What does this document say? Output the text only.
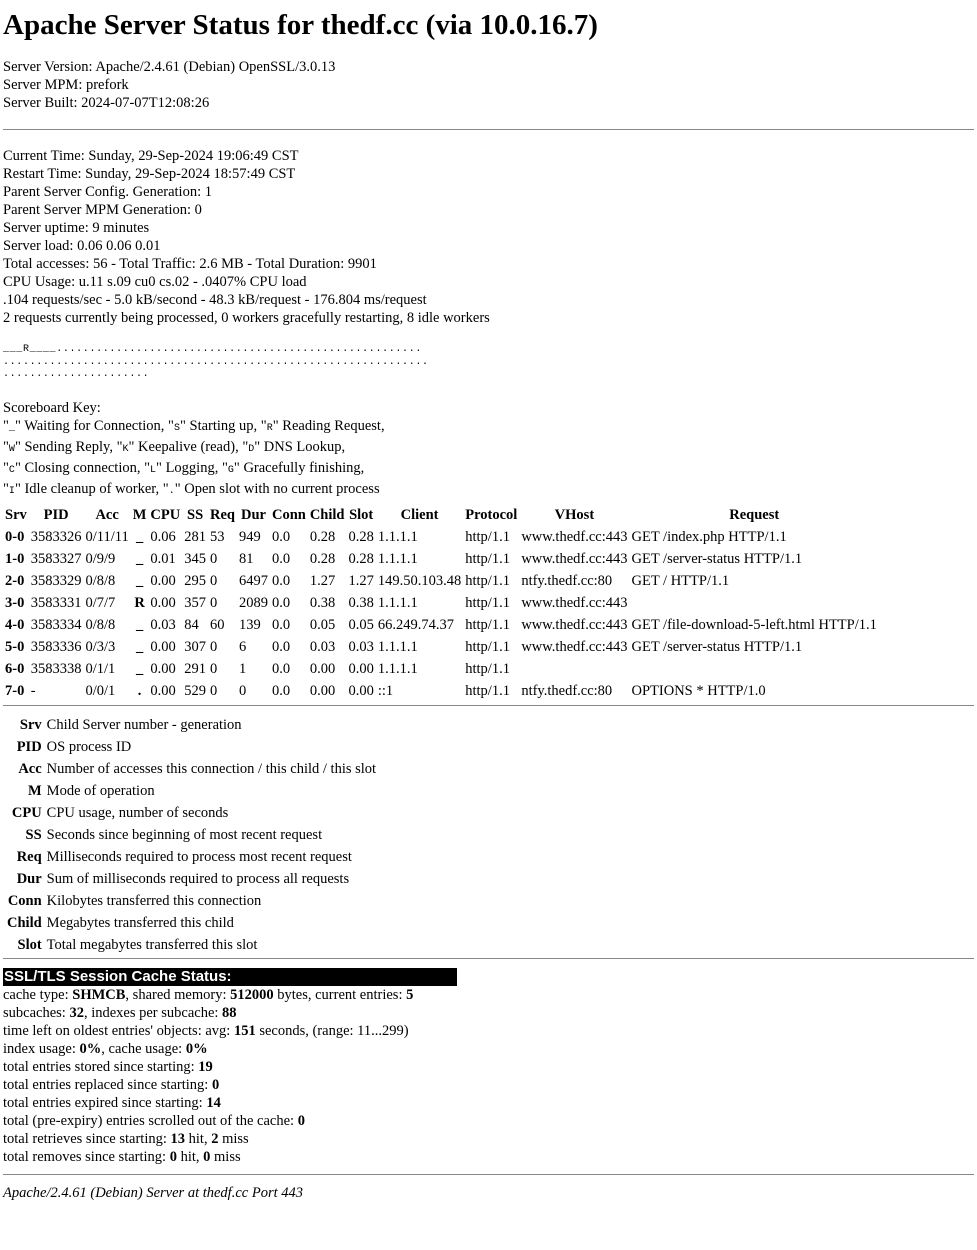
Apache Server Status for thedf.cc (via 10.0.16.7)
Server Version: Apache/2.4.61 (Debian) OpenSSL/3.0.13
Server MPM: prefork
Server Built: 2024-07-07T12:08:26
Current Time: Sunday, 29-Sep-2024 19:06:49 CST
Restart Time: Sunday, 29-Sep-2024 18:57:49 CST
Parent Server Config. Generation: 1
Parent Server MPM Generation: 0
Server uptime: 9 minutes
Server load: 0.06 0.06 0.01
Total accesses: 56 - Total Traffic: 2.6 MB - Total Duration: 9901
CPU Usage: u.11 s.09 cu0 cs.02 - .0407% CPU load
.104 requests/sec - 5.0 kB/second - 48.3 kB/request - 176.804 ms/request
2 requests currently being processed, 0 workers gracefully restarting, 8 idle workers
___R____.......................................................
................................................................
......................
Scoreboard Key:
"_" Waiting for Connection, "S" Starting up, "R" Reading Request,
"W" Sending Reply, "K" Keepalive (read), "D" DNS Lookup,
"C" Closing connection, "L" Logging, "G" Gracefully finishing,
"I" Idle cleanup of worker, "." Open slot with no current process
Srv	PID	Acc	M	CPU	SS	Req	Dur	Conn	Child	Slot	Client	Protocol	VHost	Request
0-0	3583326	0/11/11	_	0.06	281	53	949	0.0	0.28	0.28	1.1.1.1	http/1.1	www.thedf.cc:443	GET /index.php HTTP/1.1
1-0	3583327	0/9/9	_	0.01	345	0	81	0.0	0.28	0.28	1.1.1.1	http/1.1	www.thedf.cc:443	GET /server-status HTTP/1.1
2-0	3583329	0/8/8	_	0.00	295	0	6497	0.0	1.27	1.27	149.50.103.48	http/1.1	ntfy.thedf.cc:80	GET / HTTP/1.1
3-0	3583331	0/7/7	R	0.00	357	0	2089	0.0	0.38	0.38	1.1.1.1	http/1.1	www.thedf.cc:443	
4-0	3583334	0/8/8	_	0.03	84	60	139	0.0	0.05	0.05	66.249.74.37	http/1.1	www.thedf.cc:443	GET /file-download-5-left.html HTTP/1.1
5-0	3583336	0/3/3	_	0.00	307	0	6	0.0	0.03	0.03	1.1.1.1	http/1.1	www.thedf.cc:443	GET /server-status HTTP/1.1
6-0	3583338	0/1/1	_	0.00	291	0	1	0.0	0.00	0.00	1.1.1.1	http/1.1		
7-0	-	0/0/1	.	0.00	529	0	0	0.0	0.00	0.00	::1	http/1.1	ntfy.thedf.cc:80	OPTIONS * HTTP/1.0
Srv	Child Server number - generation
PID	OS process ID
Acc	Number of accesses this connection / this child / this slot
M	Mode of operation
CPU	CPU usage, number of seconds
SS	Seconds since beginning of most recent request
Req	Milliseconds required to process most recent request
Dur	Sum of milliseconds required to process all requests
Conn	Kilobytes transferred this connection
Child	Megabytes transferred this child
Slot	Total megabytes transferred this slot
SSL/TLS Session Cache Status:
cache type: SHMCB, shared memory: 512000 bytes, current entries: 5
subcaches: 32, indexes per subcache: 88
time left on oldest entries' objects: avg: 151 seconds, (range: 11...299)
index usage: 0%, cache usage: 0%
total entries stored since starting: 19
total entries replaced since starting: 0
total entries expired since starting: 14
total (pre-expiry) entries scrolled out of the cache: 0
total retrieves since starting: 13 hit, 2 miss
total removes since starting: 0 hit, 0 miss
Apache/2.4.61 (Debian) Server at thedf.cc Port 443
